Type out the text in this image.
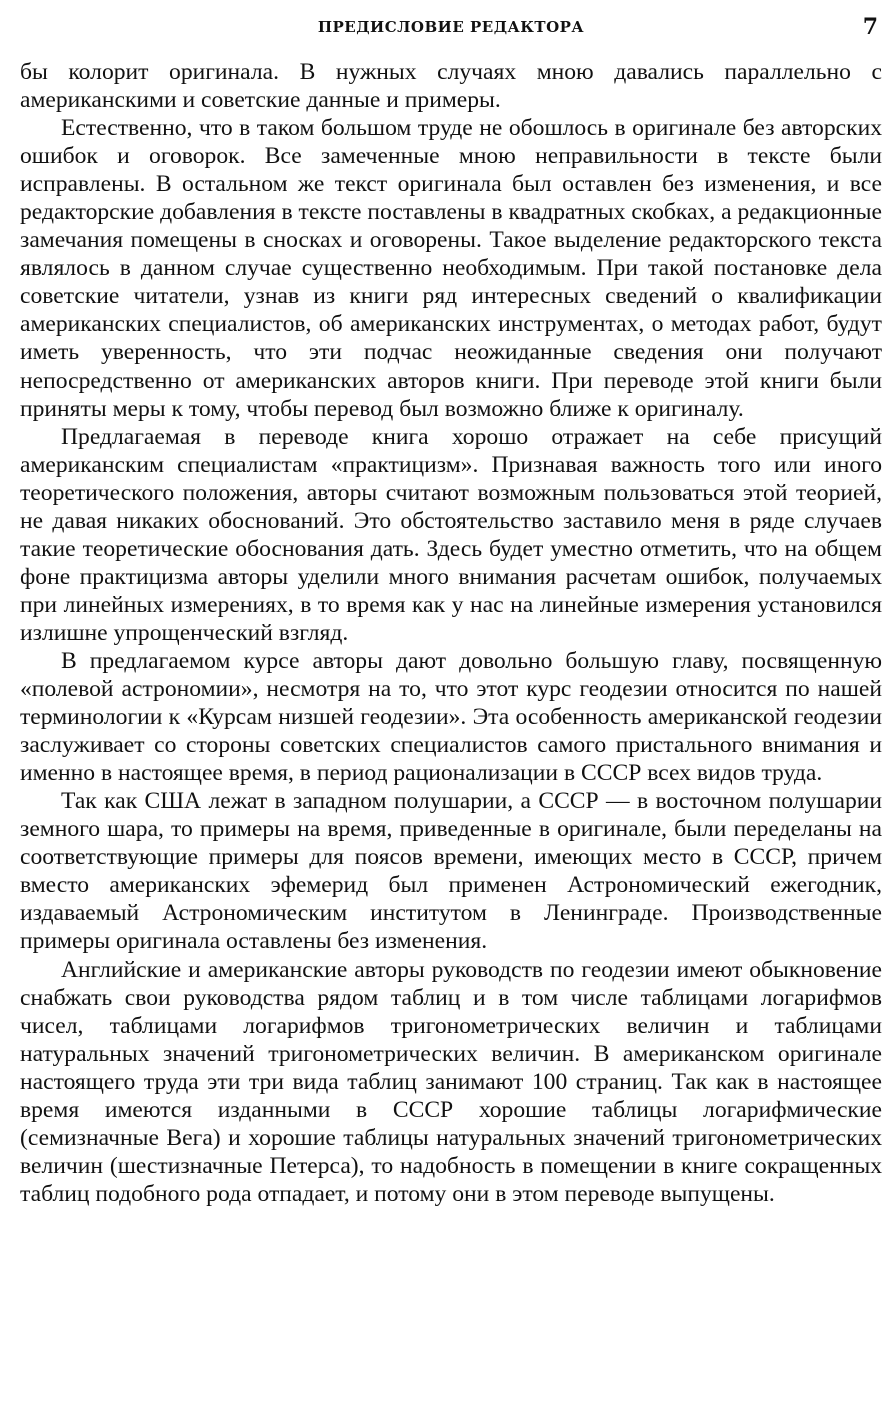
ПРЕДИСЛОВИЕ РЕДАКТОРА	7

бы колорит оригинала. В нужных случаях мною давались параллельно с американскими и советские данные и примеры.

Естественно, что в таком большом труде не обошлось в оригинале без авторских ошибок и оговорок. Все замеченные мною неправильности в тексте были исправлены. В остальном же текст оригинала был оставлен без изменения, и все редакторские добавления в тексте поставлены в квадратных скобках, а редакционные замечания помещены в сносках и оговорены. Такое выделение редакторского текста являлось в данном случае существенно необходимым. При такой постановке дела советские читатели, узнав из книги ряд интересных сведений о квалификации американских специалистов, об американских инструментах, о методах работ, будут иметь уверенность, что эти подчас неожиданные сведения они получают непосредственно от американских авторов книги. При переводе этой книги были приняты меры к тому, чтобы перевод был возможно ближе к оригиналу.

Предлагаемая в переводе книга хорошо отражает на себе присущий американским специалистам «практицизм». Признавая важность того или иного теоретического положения, авторы считают возможным пользоваться этой теорией, не давая никаких обоснований. Это обстоятельство заставило меня в ряде случаев такие теоретические обоснования дать. Здесь будет уместно отметить, что на общем фоне практицизма авторы уделили много внимания расчетам ошибок, получаемых при линейных измерениях, в то время как у нас на линейные измерения установился излишне упрощенческий взгляд.

В предлагаемом курсе авторы дают довольно большую главу, посвященную «полевой астрономии», несмотря на то, что этот курс геодезии относится по нашей терминологии к «Курсам низшей геодезии». Эта особенность американской геодезии заслуживает со стороны советских специалистов самого пристального внимания и именно в настоящее время, в период рационализации в СССР всех видов труда.

Так как США лежат в западном полушарии, а СССР — в восточном полушарии земного шара, то примеры на время, приведенные в оригинале, были переделаны на соответствующие примеры для поясов времени, имеющих место в СССР, причем вместо американских эфемерид был применен Астрономический ежегодник, издаваемый Астрономическим институтом в Ленинграде. Производственные примеры оригинала оставлены без изменения.

Английские и американские авторы руководств по геодезии имеют обыкновение снабжать свои руководства рядом таблиц и в том числе таблицами логарифмов чисел, таблицами логарифмов тригонометрических величин и таблицами натуральных значений тригонометрических величин. В американском оригинале настоящего труда эти три вида таблиц занимают 100 страниц. Так как в настоящее время имеются изданными в СССР хорошие таблицы логарифмические (семизначные Вега) и хорошие таблицы натуральных значений тригонометрических величин (шестизначные Петерса), то надобность в помещении в книге сокращенных таблиц подобного рода отпадает, и потому они в этом переводе выпущены.
